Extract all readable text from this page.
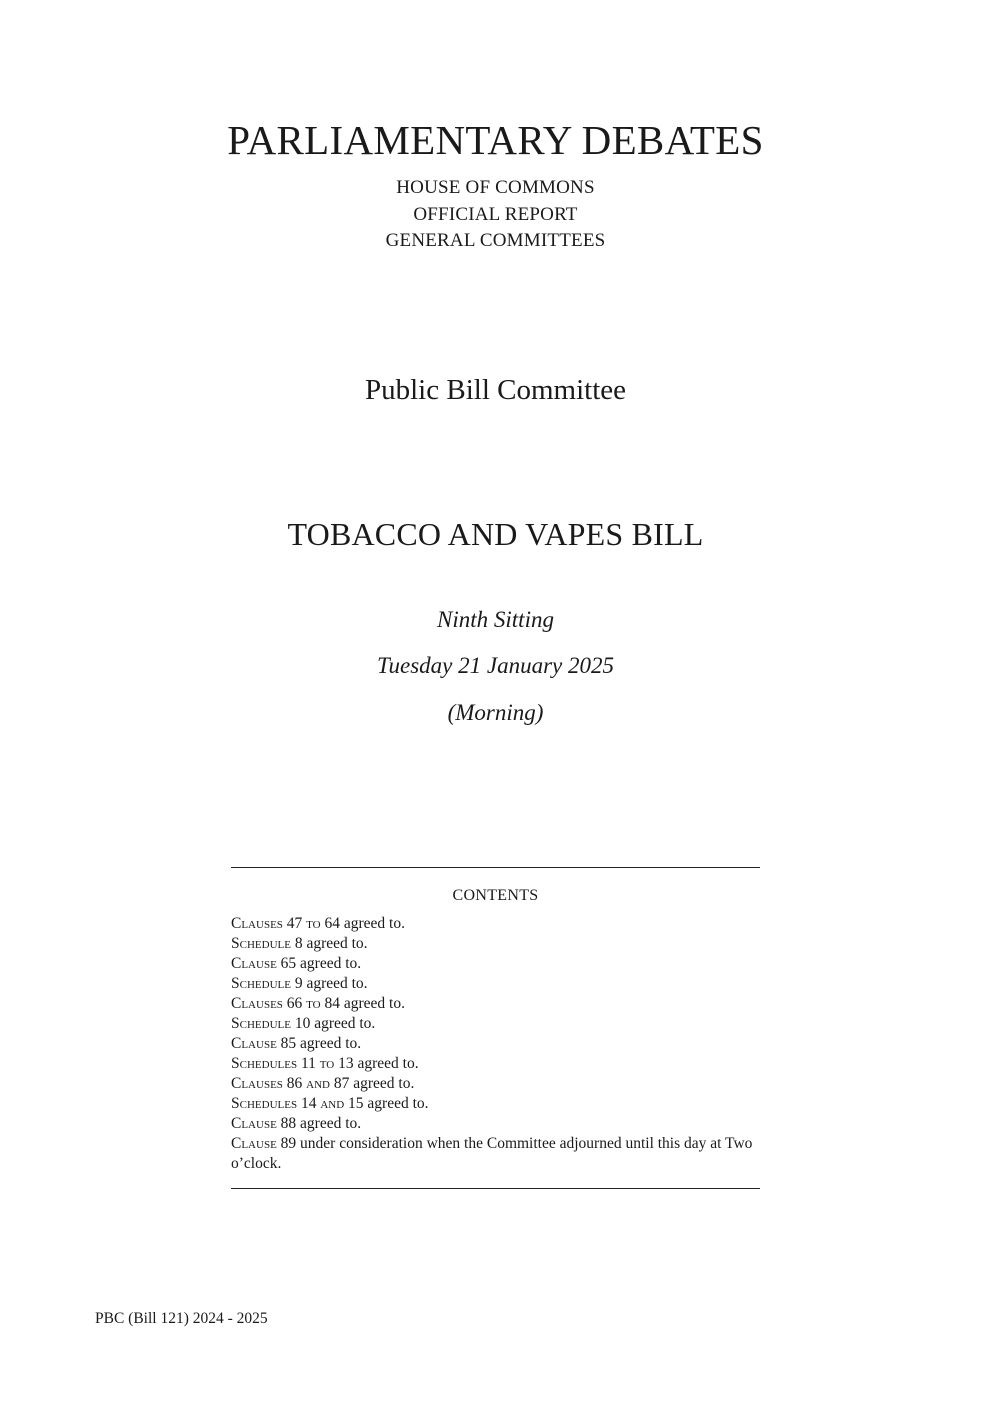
PARLIAMENTARY DEBATES
HOUSE OF COMMONS
OFFICIAL REPORT
GENERAL COMMITTEES
Public Bill Committee
TOBACCO AND VAPES BILL
Ninth Sitting
Tuesday 21 January 2025
(Morning)
CONTENTS
Clauses 47 to 64 agreed to.
Schedule 8 agreed to.
Clause 65 agreed to.
Schedule 9 agreed to.
Clauses 66 to 84 agreed to.
Schedule 10 agreed to.
Clause 85 agreed to.
Schedules 11 to 13 agreed to.
Clauses 86 and 87 agreed to.
Schedules 14 and 15 agreed to.
Clause 88 agreed to.
Clause 89 under consideration when the Committee adjourned until this day at Two o’clock.
PBC (Bill 121) 2024 - 2025
